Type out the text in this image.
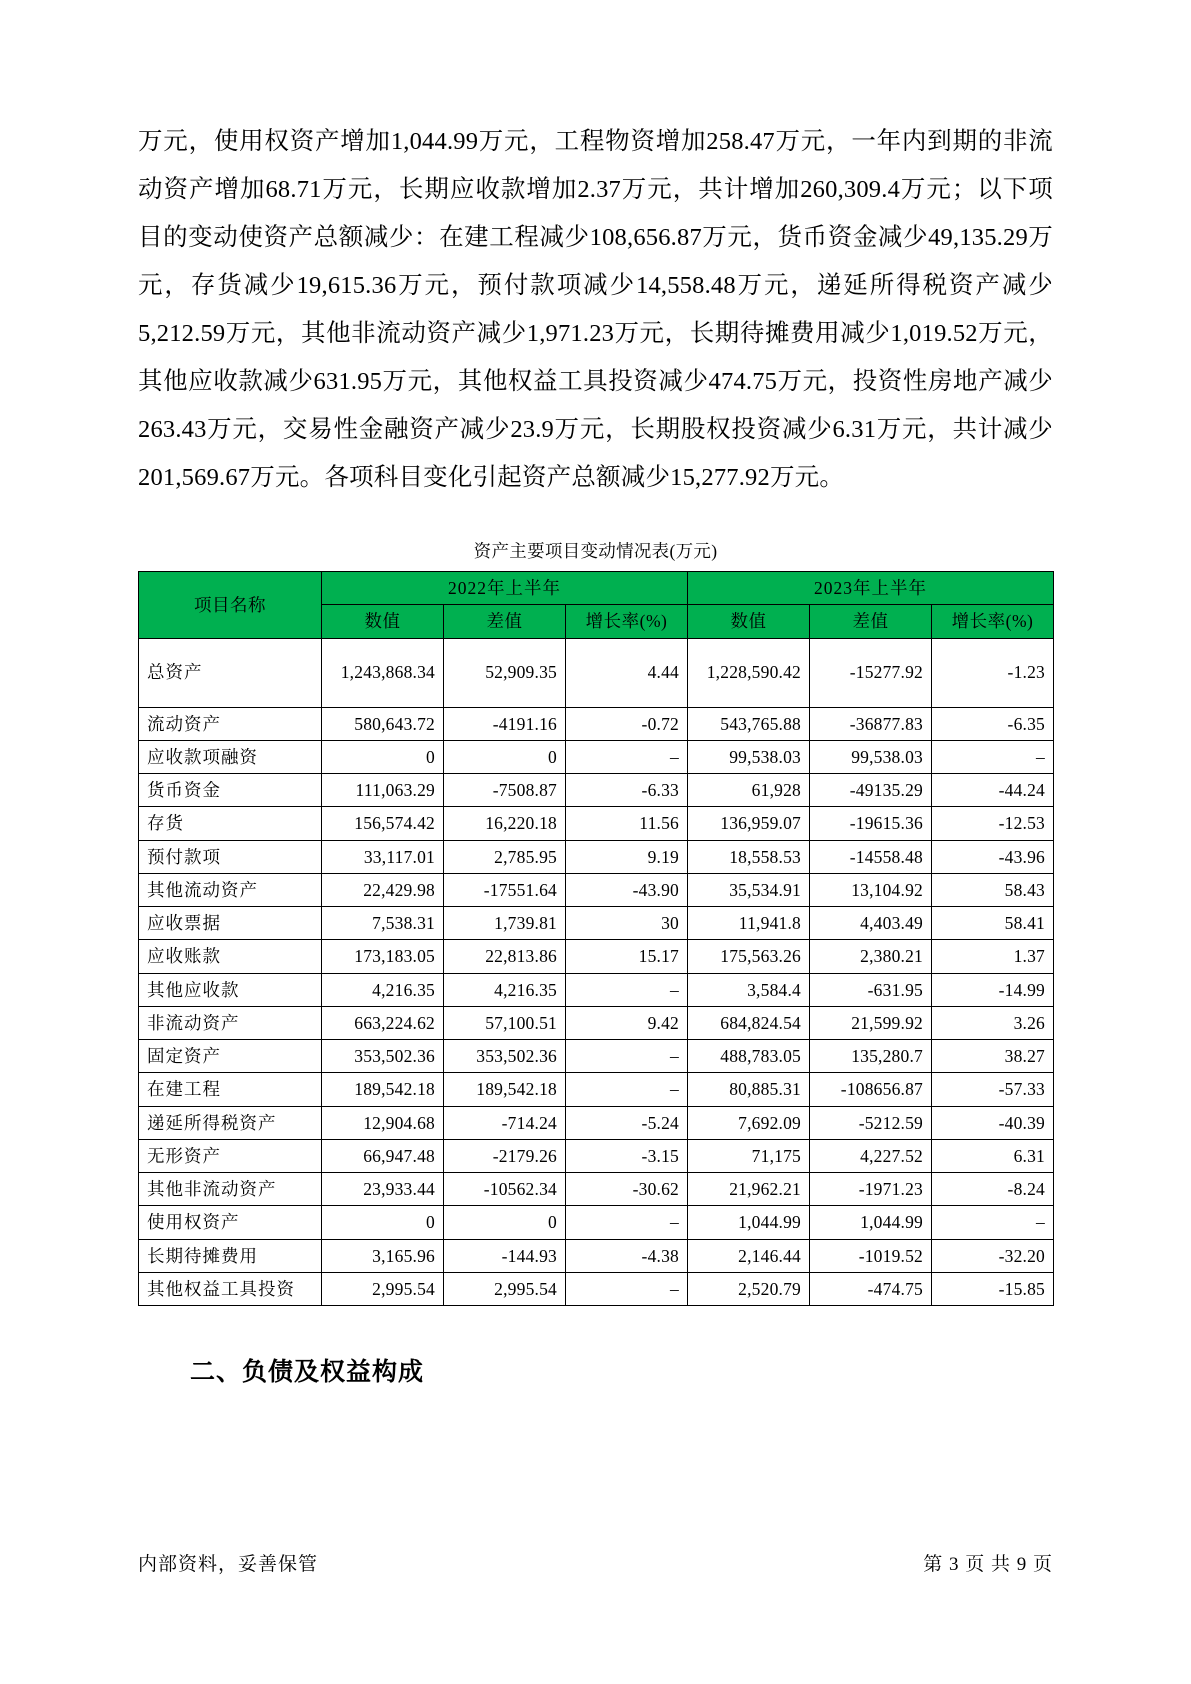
万元，使用权资产增加1,044.99万元，工程物资增加258.47万元，一年内到期的非流动资产增加68.71万元，长期应收款增加2.37万元，共计增加260,309.4万元；以下项目的变动使资产总额减少：在建工程减少108,656.87万元，货币资金减少49,135.29万元，存货减少19,615.36万元，预付款项减少14,558.48万元，递延所得税资产减少5,212.59万元，其他非流动资产减少1,971.23万元，长期待摊费用减少1,019.52万元，其他应收款减少631.95万元，其他权益工具投资减少474.75万元，投资性房地产减少263.43万元，交易性金融资产减少23.9万元，长期股权投资减少6.31万元，共计减少201,569.67万元。各项科目变化引起资产总额减少15,277.92万元。

资产主要项目变动情况表(万元)
项目名称	2022年上半年			2023年上半年		
	数值	差值	增长率(%)	数值	差值	增长率(%)
总资产	1,243,868.34	52,909.35	4.44	1,228,590.42	-15277.92	-1.23
流动资产	580,643.72	-4191.16	-0.72	543,765.88	-36877.83	-6.35
应收款项融资	0	0	–	99,538.03	99,538.03	–
货币资金	111,063.29	-7508.87	-6.33	61,928	-49135.29	-44.24
存货	156,574.42	16,220.18	11.56	136,959.07	-19615.36	-12.53
预付款项	33,117.01	2,785.95	9.19	18,558.53	-14558.48	-43.96
其他流动资产	22,429.98	-17551.64	-43.90	35,534.91	13,104.92	58.43
应收票据	7,538.31	1,739.81	30	11,941.8	4,403.49	58.41
应收账款	173,183.05	22,813.86	15.17	175,563.26	2,380.21	1.37
其他应收款	4,216.35	4,216.35	–	3,584.4	-631.95	-14.99
非流动资产	663,224.62	57,100.51	9.42	684,824.54	21,599.92	3.26
固定资产	353,502.36	353,502.36	–	488,783.05	135,280.7	38.27
在建工程	189,542.18	189,542.18	–	80,885.31	-108656.87	-57.33
递延所得税资产	12,904.68	-714.24	-5.24	7,692.09	-5212.59	-40.39
无形资产	66,947.48	-2179.26	-3.15	71,175	4,227.52	6.31
其他非流动资产	23,933.44	-10562.34	-30.62	21,962.21	-1971.23	-8.24
使用权资产	0	0	–	1,044.99	1,044.99	–
长期待摊费用	3,165.96	-144.93	-4.38	2,146.44	-1019.52	-32.20
其他权益工具投资	2,995.54	2,995.54	–	2,520.79	-474.75	-15.85
二、负债及权益构成
内部资料，妥善保管	第 3 页 共 9 页
